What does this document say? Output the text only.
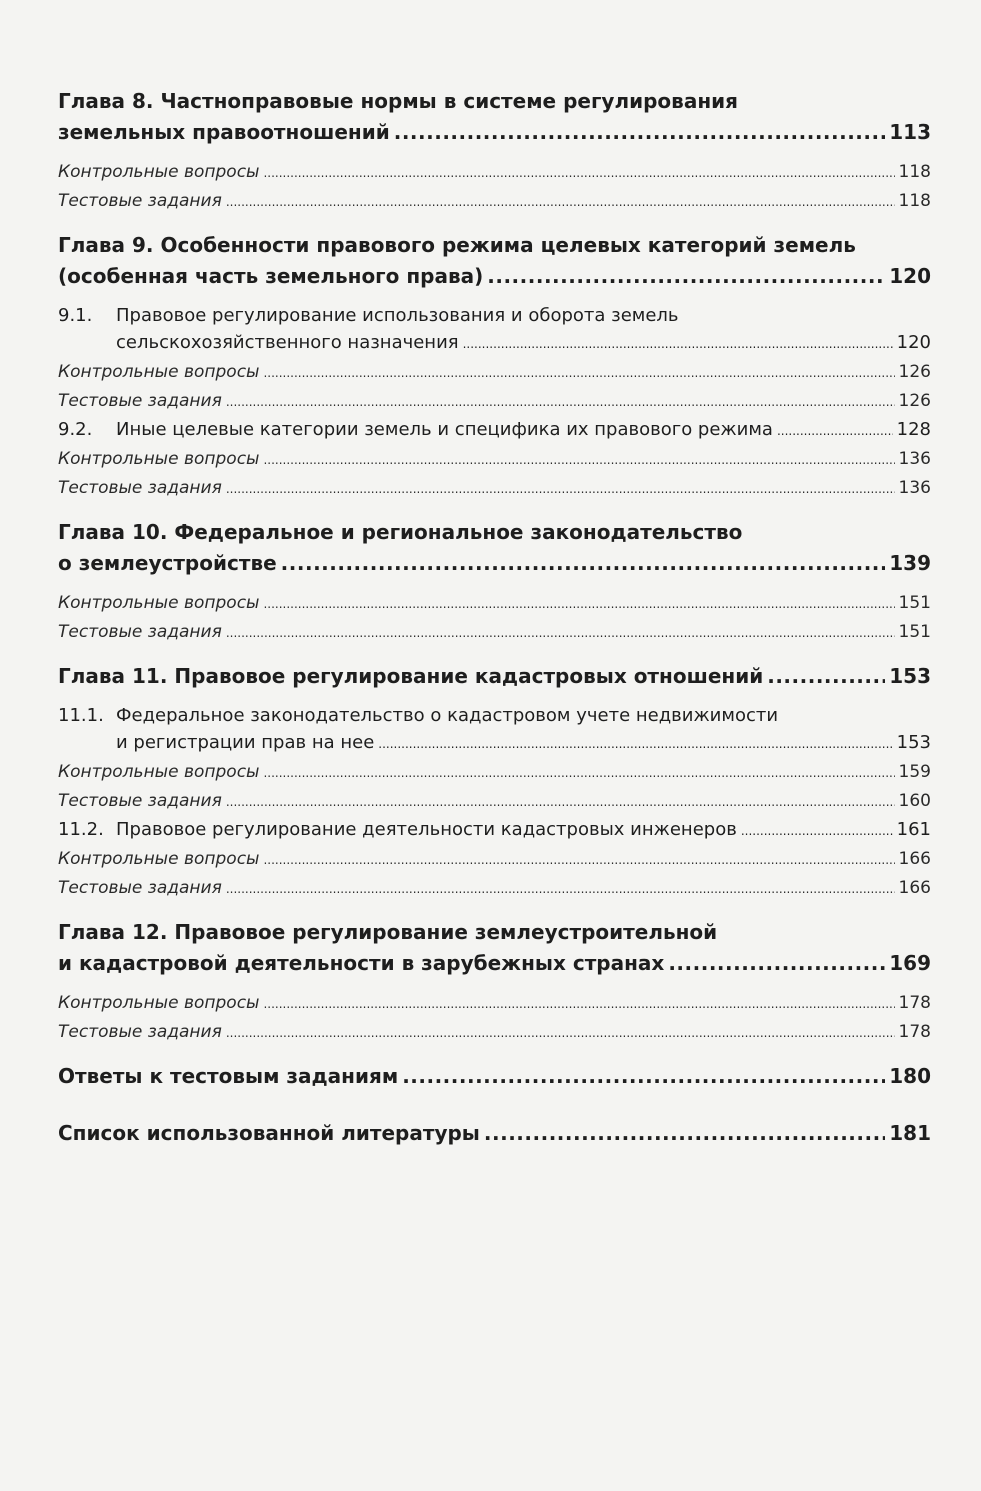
Глава 8. Частноправовые нормы в системе регулирования
земельных правоотношений .....	113
Контрольные вопросы .....	118
Тестовые задания .....	118
Глава 9. Особенности правового режима целевых категорий земель
(особенная часть земельного права) .....	120
9.1.	Правовое регулирование использования и оборота земель
сельскохозяйственного назначения .....	120
Контрольные вопросы .....	126
Тестовые задания .....	126
9.2.	Иные целевые категории земель и специфика их правового режима .....	128
Контрольные вопросы .....	136
Тестовые задания .....	136
Глава 10. Федеральное и региональное законодательство
о землеустройстве .....	139
Контрольные вопросы .....	151
Тестовые задания .....	151
Глава 11. Правовое регулирование кадастровых отношений .....	153
11.1. Федеральное законодательство о кадастровом учете недвижимости
и регистрации прав на нее .....	153
Контрольные вопросы .....	159
Тестовые задания .....	160
11.2. Правовое регулирование деятельности кадастровых инженеров .....	161
Контрольные вопросы .....	166
Тестовые задания .....	166
Глава 12. Правовое регулирование землеустроительной
и кадастровой деятельности в зарубежных странах .....	169
Контрольные вопросы .....	178
Тестовые задания .....	178
Ответы к тестовым заданиям .....	180
Список использованной литературы .....	181
